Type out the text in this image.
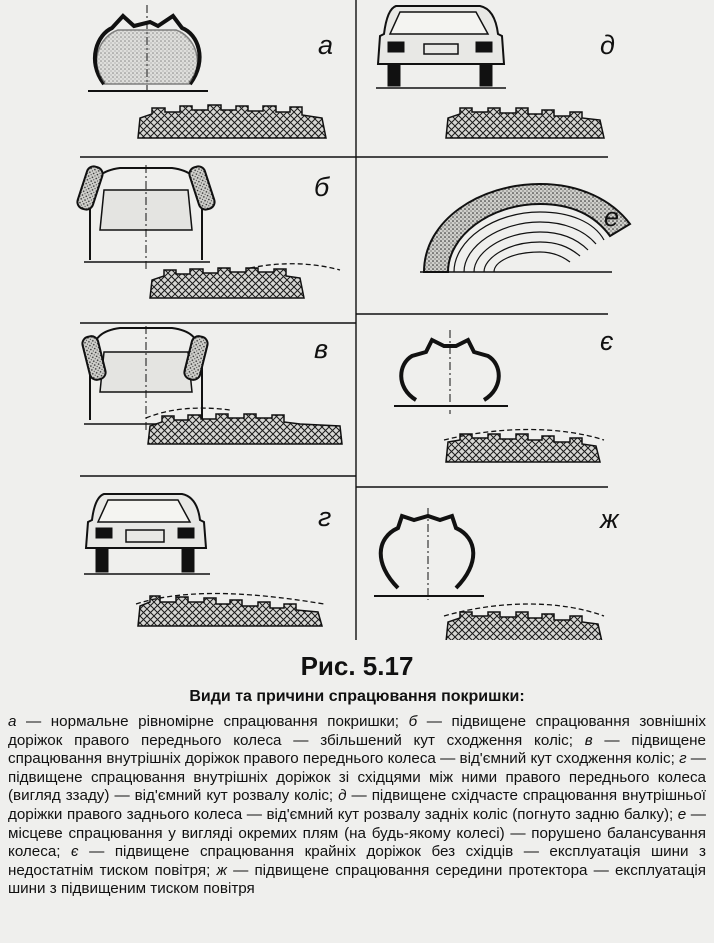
а
б
в
г
д
е
є
ж
Рис. 5.17
Види та причини спрацювання покришки:
а — нормальне рівномірне спрацювання покришки; б — підвищене спрацювання зовнішніх доріжок правого переднього колеса — збільшений кут сходження коліс; в — підвищене спрацювання внутрішніх доріжок правого переднього колеса — від'ємний кут сходження коліс; г — підвищене спрацювання внутрішніх доріжок зі східцями між ними правого переднього колеса (вигляд ззаду) — від'ємний кут розвалу коліс; д — підвищене східчасте спрацювання внутрішньої доріжки правого заднього колеса — від'ємний кут розвалу задніх коліс (погнуто задню балку); е — місцеве спрацювання у вигляді окремих плям (на будь-якому колесі) — порушено балансування колеса; є — підвищене спрацювання крайніх доріжок без східців — експлуатація шини з недостатнім тиском повітря; ж — підвищене спрацювання середини протектора — експлуатація шини з підвищеним тиском повітря
